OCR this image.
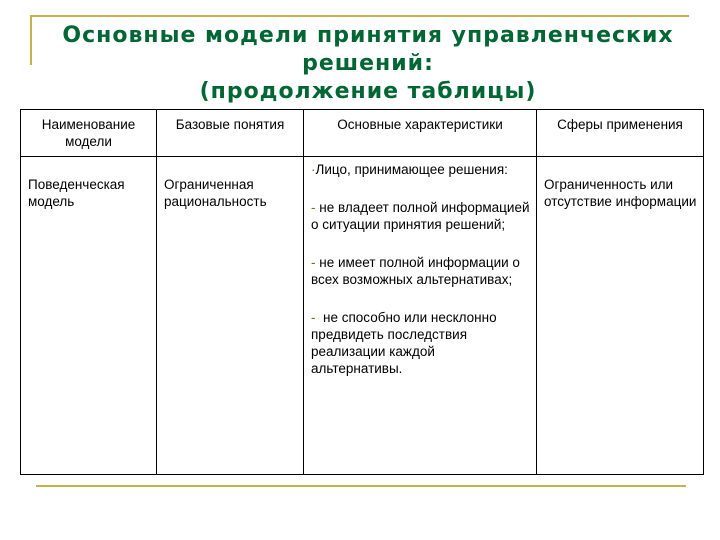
Основные модели принятия управленческих
решений:
(продолжение таблицы)
Наименование модели	Базовые понятия	Основные характеристики	Сферы применения

Поведенческая модель	Ограниченная рациональность	·Лицо, принимающее решения:
- не владеет полной информацией о ситуации принятия решений;
- не имеет полной информации о всех возможных альтернативах;
- не способно или несклонно предвидеть последствия реализации каждой альтернативы.	Ограниченность или отсутствие информации
